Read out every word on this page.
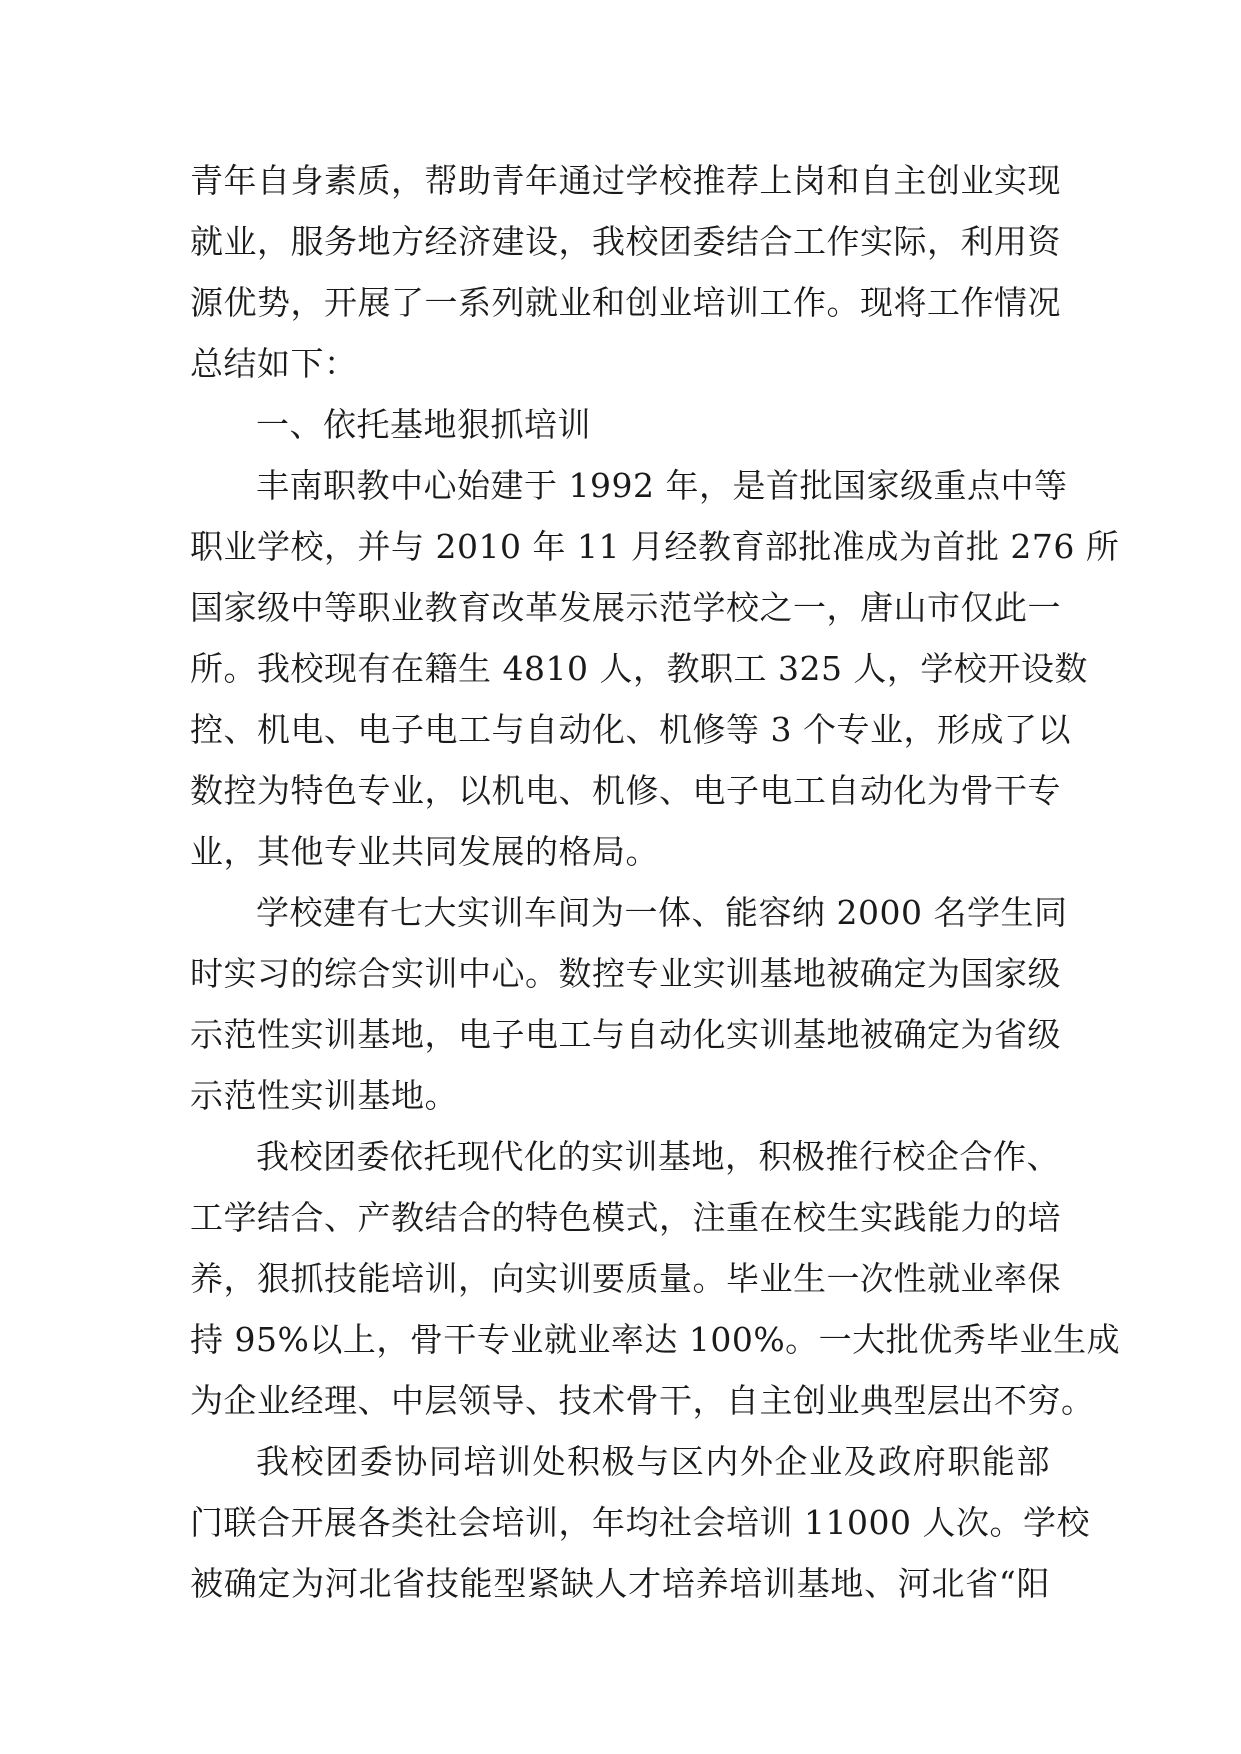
青年自身素质，帮助青年通过学校推荐上岗和自主创业实现
就业，服务地方经济建设，我校团委结合工作实际，利用资
源优势，开展了一系列就业和创业培训工作。现将工作情况
总结如下：
一、依托基地狠抓培训
丰南职教中心始建于 1992 年，是首批国家级重点中等
职业学校，并与 2010 年 11 月经教育部批准成为首批 276 所
国家级中等职业教育改革发展示范学校之一，唐山市仅此一
所。我校现有在籍生 4810 人，教职工 325 人，学校开设数
控、机电、电子电工与自动化、机修等 3 个专业，形成了以
数控为特色专业，以机电、机修、电子电工自动化为骨干专
业，其他专业共同发展的格局。
学校建有七大实训车间为一体、能容纳 2000 名学生同
时实习的综合实训中心。数控专业实训基地被确定为国家级
示范性实训基地，电子电工与自动化实训基地被确定为省级
示范性实训基地。
我校团委依托现代化的实训基地，积极推行校企合作、
工学结合、产教结合的特色模式，注重在校生实践能力的培
养，狠抓技能培训，向实训要质量。毕业生一次性就业率保
持 95%以上，骨干专业就业率达 100%。一大批优秀毕业生成
为企业经理、中层领导、技术骨干，自主创业典型层出不穷。
我校团委协同培训处积极与区内外企业及政府职能部
门联合开展各类社会培训，年均社会培训 11000 人次。学校
被确定为河北省技能型紧缺人才培养培训基地、河北省“阳
